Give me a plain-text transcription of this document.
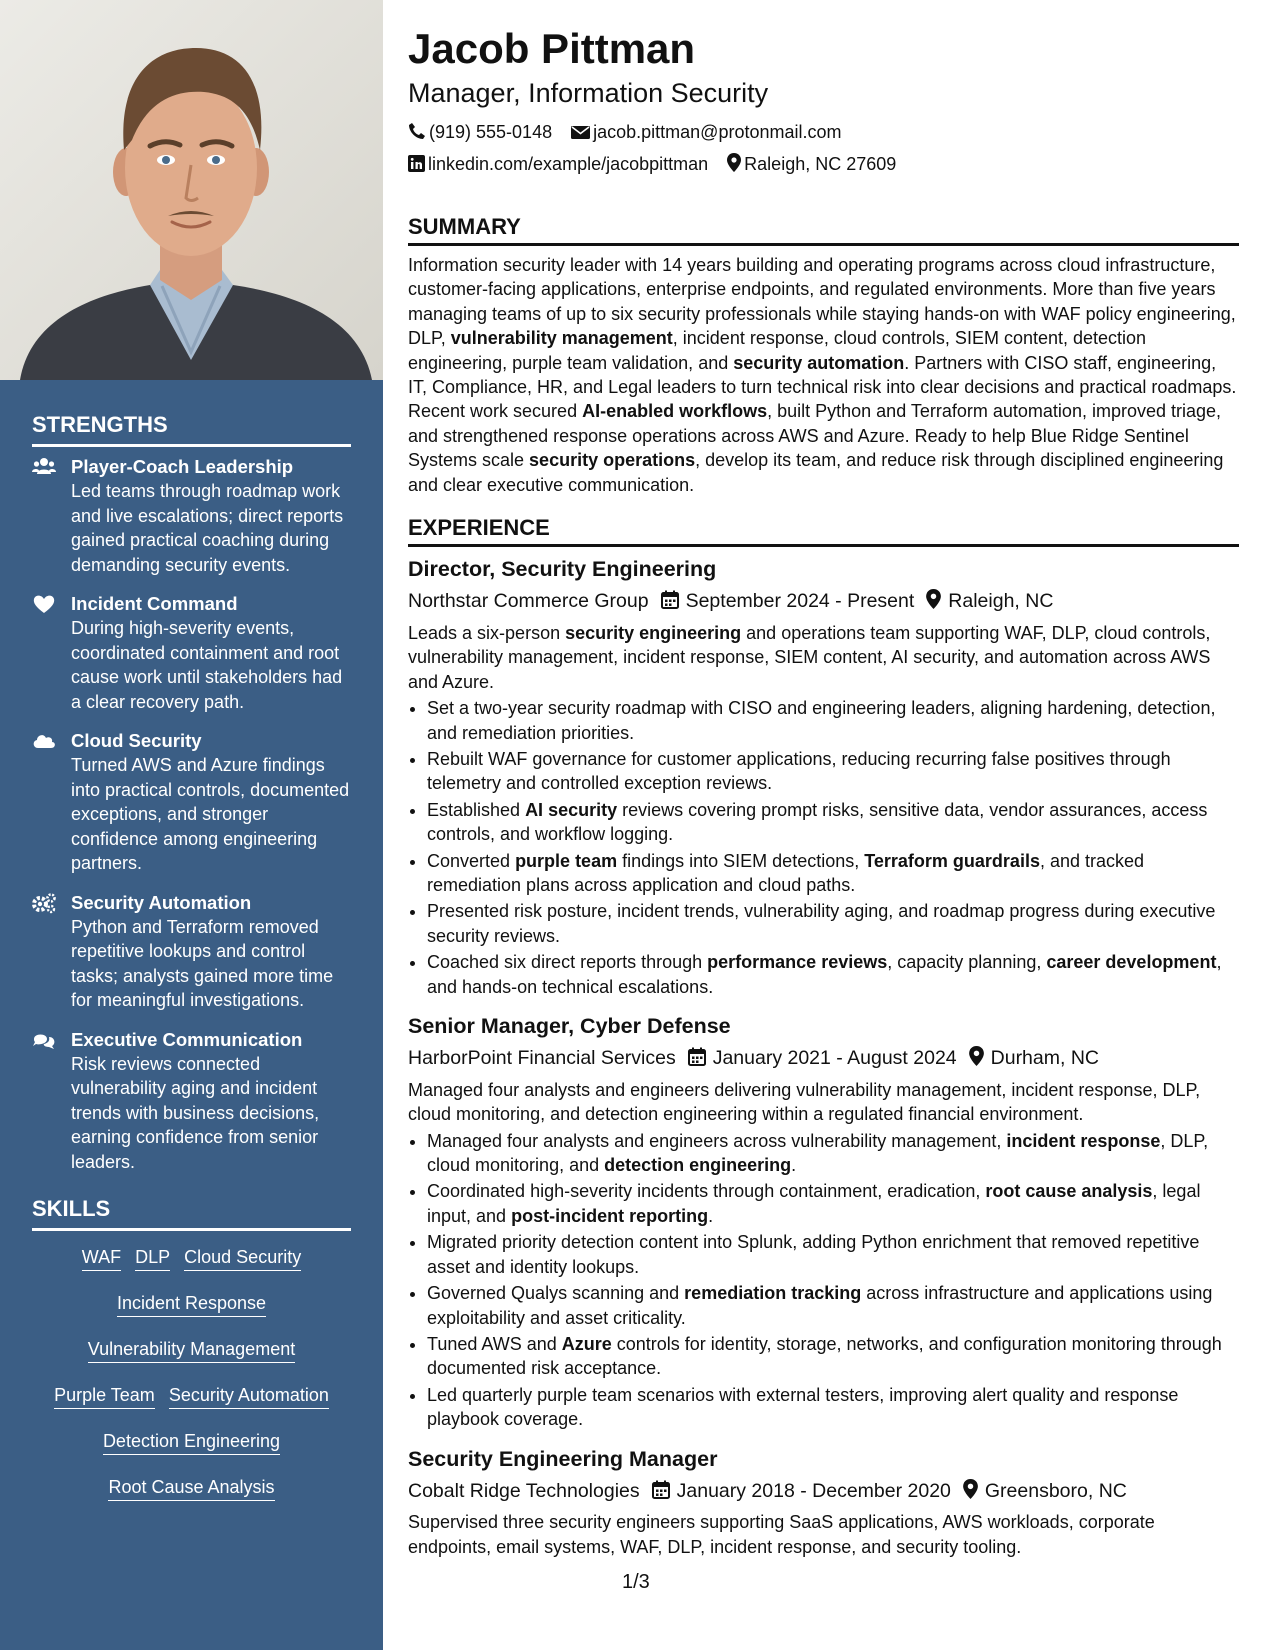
STRENGTHS
Player-Coach Leadership
Led teams through roadmap work and live escalations; direct reports gained practical coaching during demanding security events.
Incident Command
During high-severity events, coordinated containment and root cause work until stakeholders had a clear recovery path.
Cloud Security
Turned AWS and Azure findings into practical controls, documented exceptions, and stronger confidence among engineering partners.
Security Automation
Python and Terraform removed repetitive lookups and control tasks; analysts gained more time for meaningful investigations.
Executive Communication
Risk reviews connected vulnerability aging and incident trends with business decisions, earning confidence from senior leaders.
SKILLS
WAF DLP Cloud Security
Incident Response
Vulnerability Management
Purple Team Security Automation
Detection Engineering
Root Cause Analysis
Jacob Pittman
Manager, Information Security
(919) 555-0148 jacob.pittman@protonmail.com
linkedin.com/example/jacobpittman Raleigh, NC 27609
SUMMARY

Information security leader with 14 years building and operating programs across cloud infrastructure, customer-facing applications, enterprise endpoints, and regulated environments. More than five years managing teams of up to six security professionals while staying hands-on with WAF policy engineering, DLP, vulnerability management, incident response, cloud controls, SIEM content, detection engineering, purple team validation, and security automation. Partners with CISO staff, engineering, IT, Compliance, HR, and Legal leaders to turn technical risk into clear decisions and practical roadmaps. Recent work secured AI-enabled workflows, built Python and Terraform automation, improved triage, and strengthened response operations across AWS and Azure. Ready to help Blue Ridge Sentinel Systems scale security operations, develop its team, and reduce risk through disciplined engineering and clear executive communication.

EXPERIENCE
Director, Security Engineering
Northstar Commerce Group September 2024 - Present Raleigh, NC

Leads a six-person security engineering and operations team supporting WAF, DLP, cloud controls, vulnerability management, incident response, SIEM content, AI security, and automation across AWS and Azure.

• Set a two-year security roadmap with CISO and engineering leaders, aligning hardening, detection, and remediation priorities.
• Rebuilt WAF governance for customer applications, reducing recurring false positives through telemetry and controlled exception reviews.
• Established AI security reviews covering prompt risks, sensitive data, vendor assurances, access controls, and workflow logging.
• Converted purple team findings into SIEM detections, Terraform guardrails, and tracked remediation plans across application and cloud paths.
• Presented risk posture, incident trends, vulnerability aging, and roadmap progress during executive security reviews.
• Coached six direct reports through performance reviews, capacity planning, career development, and hands-on technical escalations.
Senior Manager, Cyber Defense
HarborPoint Financial Services January 2021 - August 2024 Durham, NC

Managed four analysts and engineers delivering vulnerability management, incident response, DLP, cloud monitoring, and detection engineering within a regulated financial environment.

• Managed four analysts and engineers across vulnerability management, incident response, DLP, cloud monitoring, and detection engineering.
• Coordinated high-severity incidents through containment, eradication, root cause analysis, legal input, and post-incident reporting.
• Migrated priority detection content into Splunk, adding Python enrichment that removed repetitive asset and identity lookups.
• Governed Qualys scanning and remediation tracking across infrastructure and applications using exploitability and asset criticality.
• Tuned AWS and Azure controls for identity, storage, networks, and configuration monitoring through documented risk acceptance.
• Led quarterly purple team scenarios with external testers, improving alert quality and response playbook coverage.
Security Engineering Manager
Cobalt Ridge Technologies January 2018 - December 2020 Greensboro, NC

Supervised three security engineers supporting SaaS applications, AWS workloads, corporate endpoints, email systems, WAF, DLP, incident response, and security tooling.

1/3
